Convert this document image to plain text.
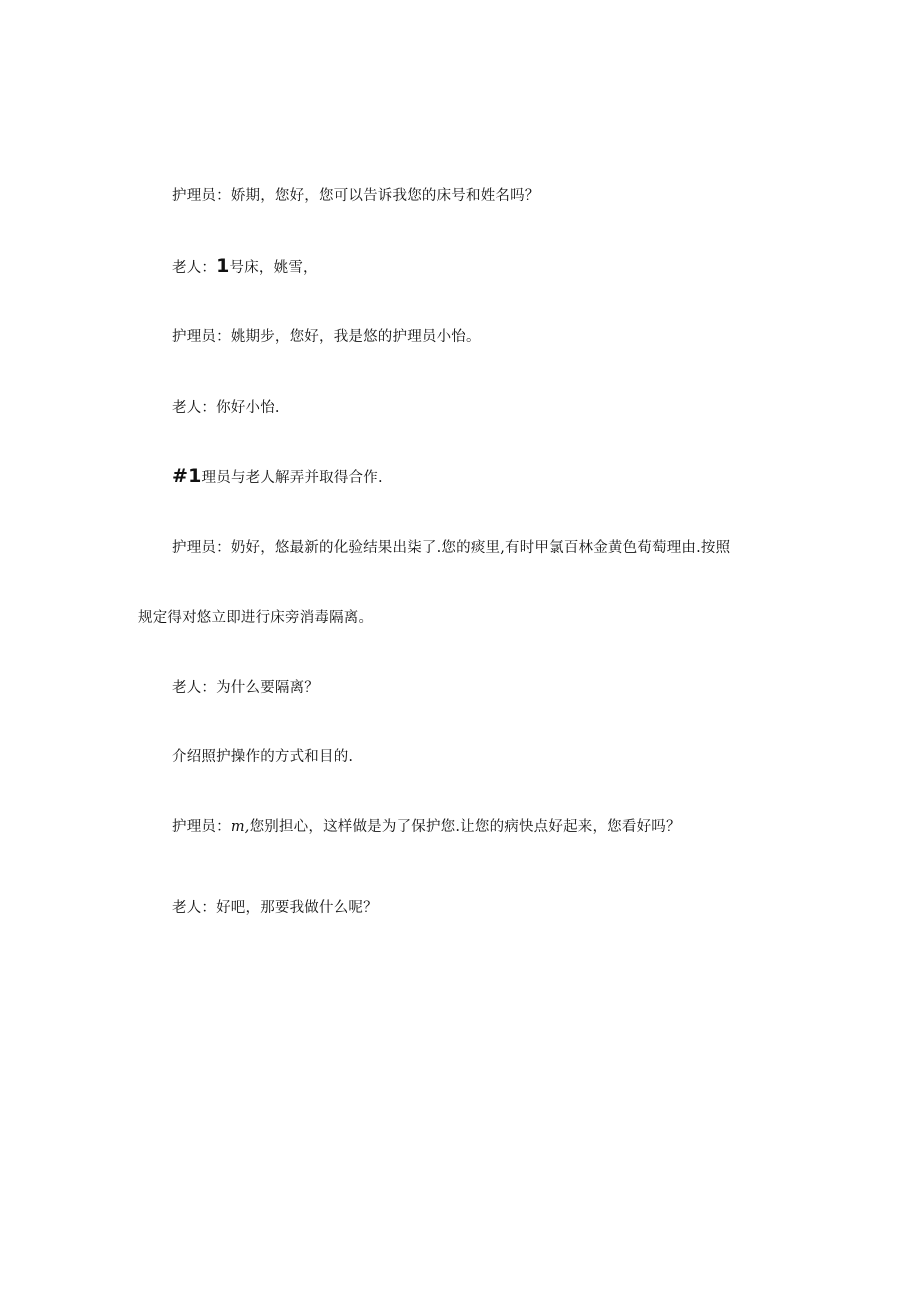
护理员：娇期，您好，您可以告诉我您的床号和姓名吗？

老人：1号床，姚雪，

护理员：姚期步，您好，我是悠的护理员小怡。

老人：你好小怡.

#1理员与老人解弄并取得合作.

护理员：奶好，悠最新的化验结果出柒了.您的痰里,有时甲氯百林金黄色荀萄理由.按照

规定得对悠立即进行床旁消毒隔离。

老人：为什么要隔离？

介绍照护操作的方式和目的.

护理员：m,您别担心，这样做是为了保护您.让您的病快点好起来，您看好吗？

老人：好吧，那要我做什么呢？
